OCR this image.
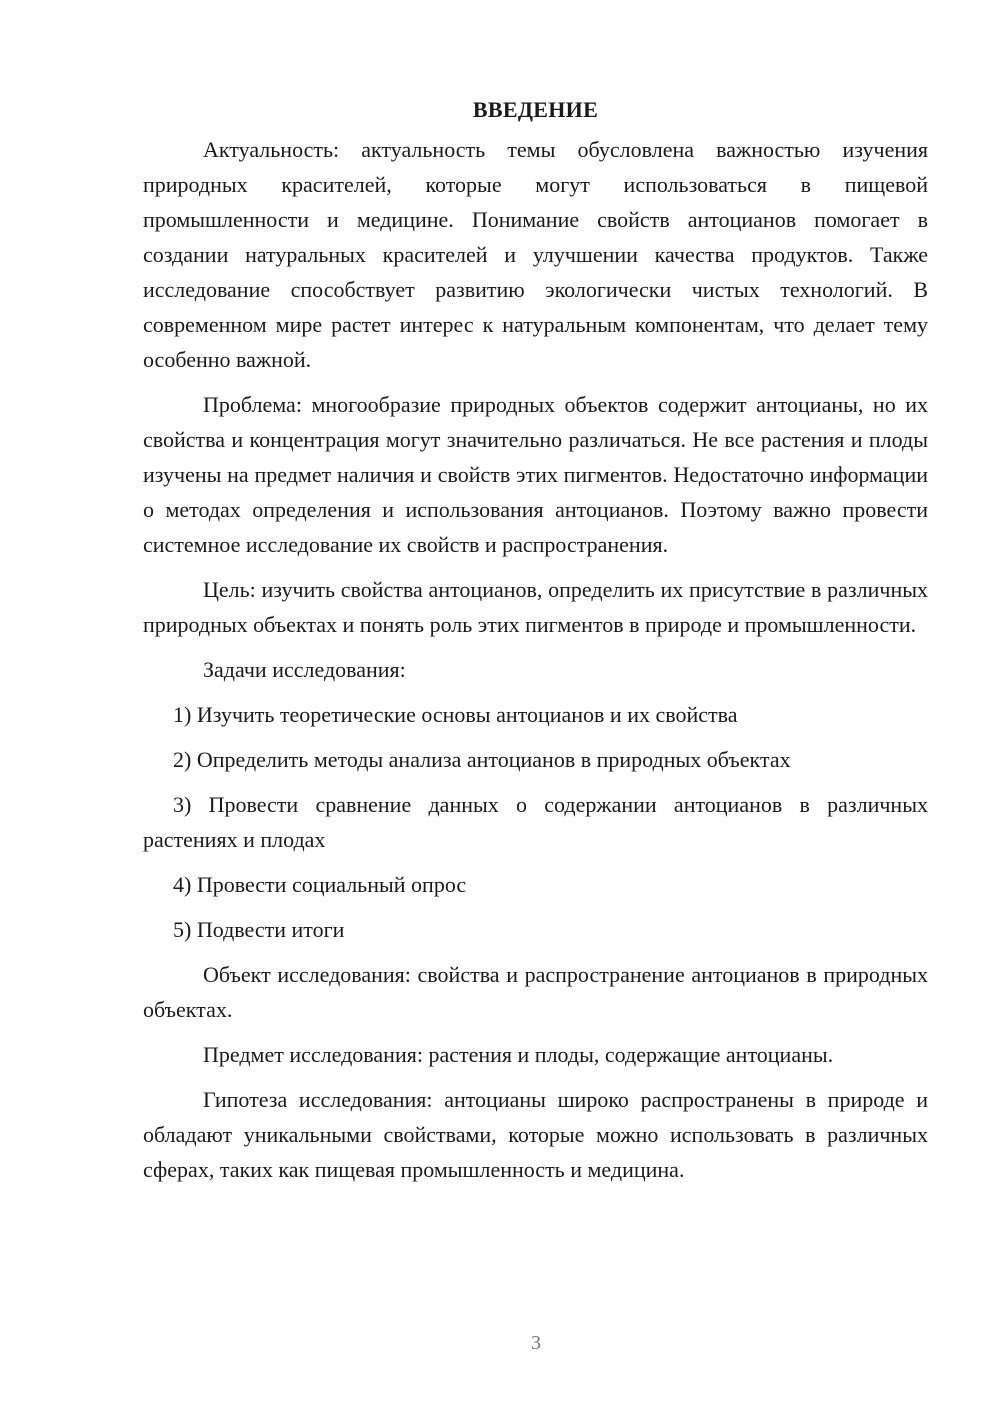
ВВЕДЕНИЕ

Актуальность: актуальность темы обусловлена важностью изучения природных красителей, которые могут использоваться в пищевой промышленности и медицине. Понимание свойств антоцианов помогает в создании натуральных красителей и улучшении качества продуктов. Также исследование способствует развитию экологически чистых технологий. В современном мире растет интерес к натуральным компонентам, что делает тему особенно важной.

Проблема: многообразие природных объектов содержит антоцианы, но их свойства и концентрация могут значительно различаться. Не все растения и плоды изучены на предмет наличия и свойств этих пигментов. Недостаточно информации о методах определения и использования антоцианов. Поэтому важно провести системное исследование их свойств и распространения.

Цель: изучить свойства антоцианов, определить их присутствие в различных природных объектах и понять роль этих пигментов в природе и промышленности.

Задачи исследования:

1) Изучить теоретические основы антоцианов и их свойства

2) Определить методы анализа антоцианов в природных объектах

3) Провести сравнение данных о содержании антоцианов в различных растениях и плодах

4) Провести социальный опрос

5) Подвести итоги

Объект исследования: свойства и распространение антоцианов в природных объектах.

Предмет исследования: растения и плоды, содержащие антоцианы.

Гипотеза исследования: антоцианы широко распространены в природе и обладают уникальными свойствами, которые можно использовать в различных сферах, таких как пищевая промышленность и медицина.

3
